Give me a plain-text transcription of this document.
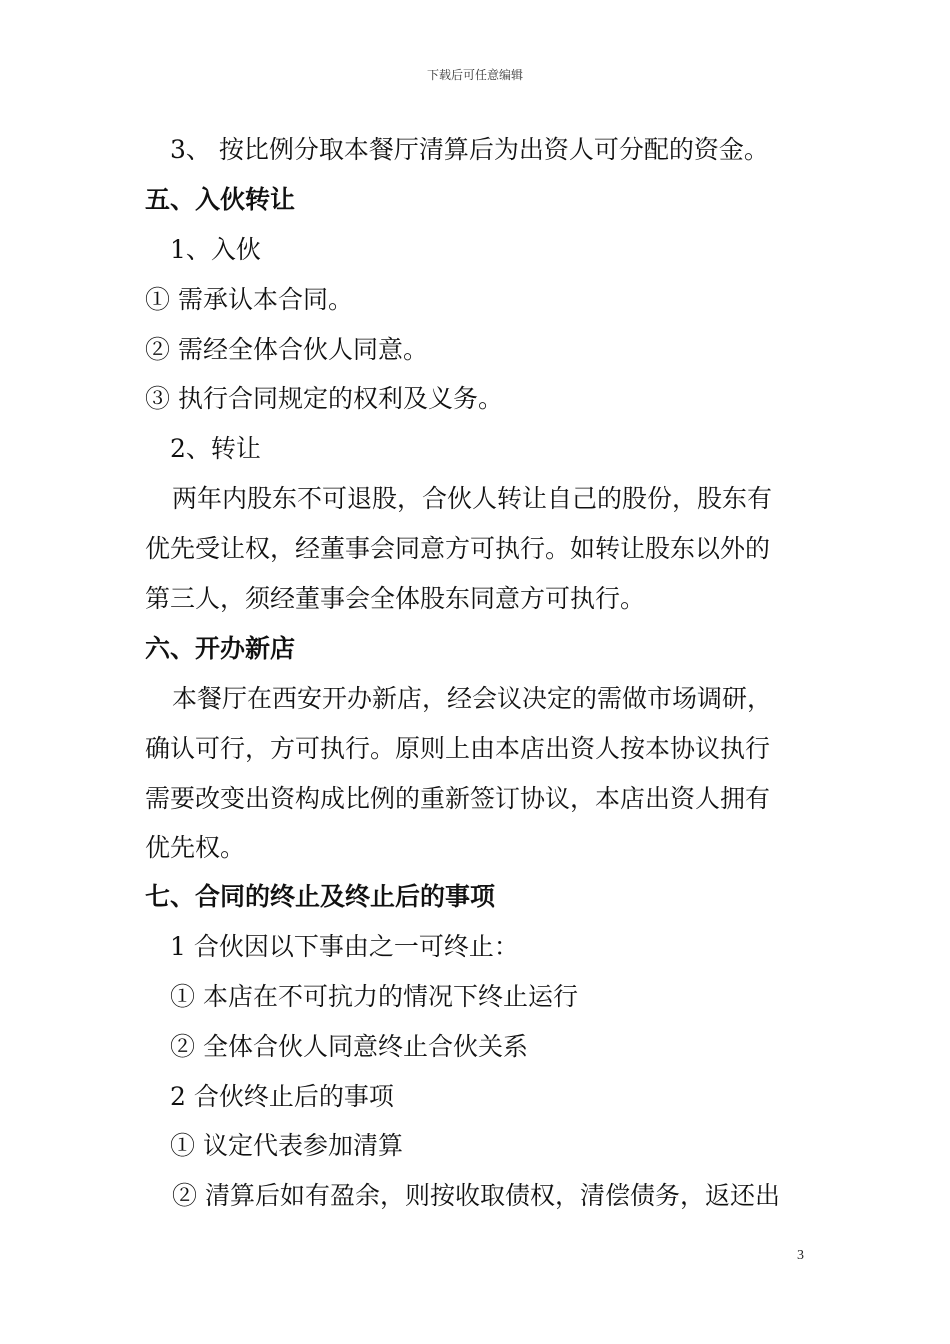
下载后可任意编辑
3、 按比例分取本餐厅清算后为出资人可分配的资金。
五、入伙转让
1、入伙
① 需承认本合同。
② 需经全体合伙人同意。
③ 执行合同规定的权利及义务。
2、转让
两年内股东不可退股，合伙人转让自己的股份，股东有
优先受让权，经董事会同意方可执行。如转让股东以外的
第三人，须经董事会全体股东同意方可执行。
六、开办新店
本餐厅在西安开办新店，经会议决定的需做市场调研，
确认可行，方可执行。原则上由本店出资人按本协议执行
需要改变出资构成比例的重新签订协议，本店出资人拥有
优先权。
七、合同的终止及终止后的事项
1 合伙因以下事由之一可终止：
① 本店在不可抗力的情况下终止运行
② 全体合伙人同意终止合伙关系
2 合伙终止后的事项
① 议定代表参加清算
② 清算后如有盈余，则按收取债权，清偿债务，返还出
3
